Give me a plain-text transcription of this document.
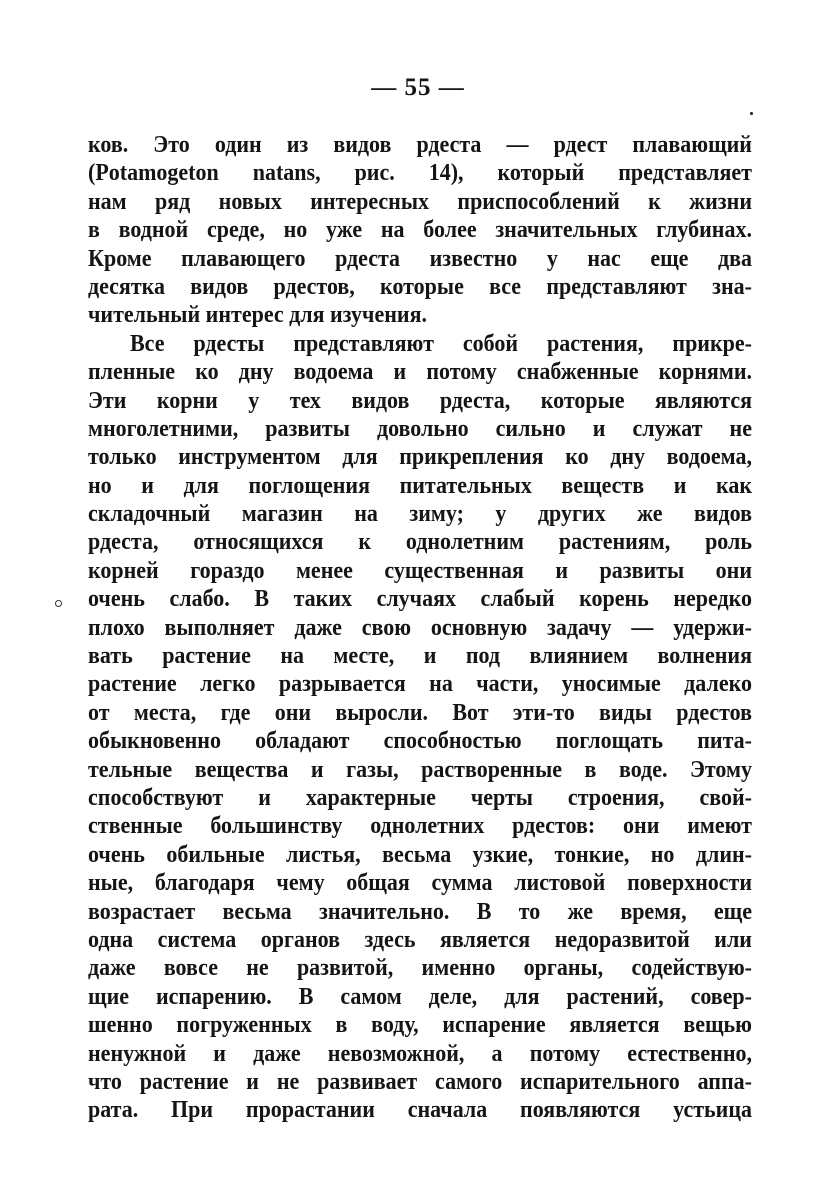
— 55 —
ков. Это один из видов рдеста — рдест плавающий
(Potamogeton natans, рис. 14), который представляет
нам ряд новых интересных приспособлений к жизни
в водной среде, но уже на более значительных глубинах.
Кроме плавающего рдеста известно у нас еще два
десятка видов рдестов, которые все представляют зна-
чительный интерес для изучения.
Все рдесты представляют собой растения, прикре-
пленные ко дну водоема и потому снабженные корнями.
Эти корни у тех видов рдеста, которые являются
многолетними, развиты довольно сильно и служат не
только инструментом для прикрепления ко дну водоема,
но и для поглощения питательных веществ и как
складочный магазин на зиму; у других же видов
рдеста, относящихся к однолетним растениям, роль
корней гораздо менее существенная и развиты они
очень слабо. В таких случаях слабый корень нередко
плохо выполняет даже свою основную задачу — удержи-
вать растение на месте, и под влиянием волнения
растение легко разрывается на части, уносимые далеко
от места, где они выросли. Вот эти-то виды рдестов
обыкновенно обладают способностью поглощать пита-
тельные вещества и газы, растворенные в воде. Этому
способствуют и характерные черты строения, свой-
ственные большинству однолетних рдестов: они имеют
очень обильные листья, весьма узкие, тонкие, но длин-
ные, благодаря чему общая сумма листовой поверхности
возрастает весьма значительно. В то же время, еще
одна система органов здесь является недоразвитой или
даже вовсе не развитой, именно органы, содействую-
щие испарению. В самом деле, для растений, совер-
шенно погруженных в воду, испарение является вещью
ненужной и даже невозможной, а потому естественно,
что растение и не развивает самого испарительного аппа-
рата. При прорастании сначала появляются устьица
